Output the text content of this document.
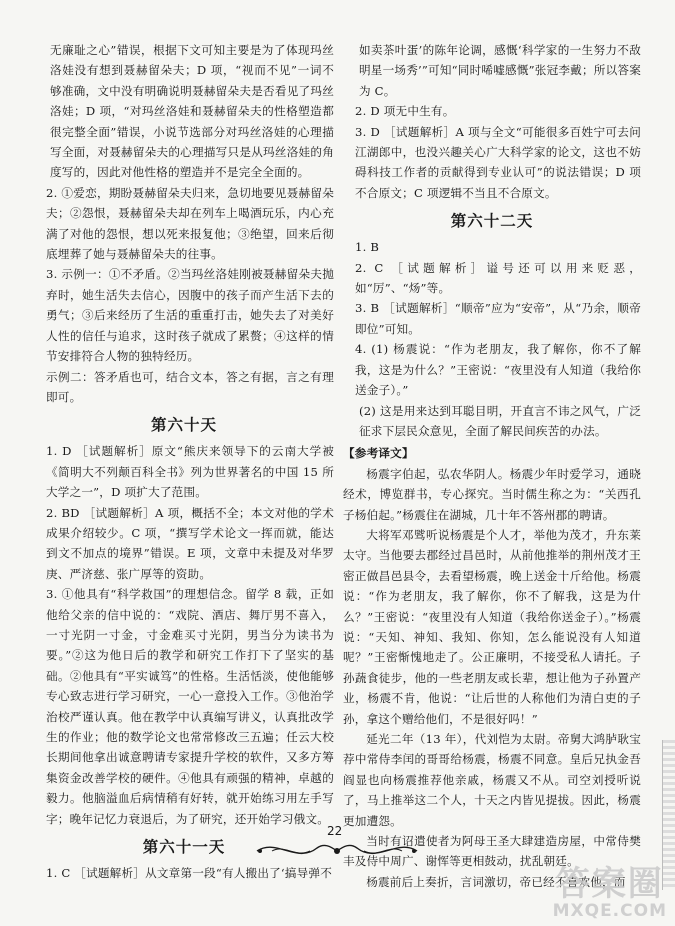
无廉耻之心”错误，根据下文可知主要是为了体现玛丝洛娃没有想到聂赫留朵夫；D 项，“视而不见”一词不够准确，文中没有明确说明聂赫留朵夫是否看见了玛丝洛娃；D 项，“对玛丝洛娃和聂赫留朵夫的性格塑造都很完整全面”错误，小说节选部分对玛丝洛娃的心理描写全面，对聂赫留朵夫的心理描写只是从玛丝洛娃的角度写的，因此对他性格的塑造并不是完全全面的。

2. ①爱恋，期盼聂赫留朵夫归来，急切地要见聂赫留朵夫；②怨恨，聂赫留朵夫却在列车上喝酒玩乐，内心充满了对他的怨恨，想以死来报复他；③绝望，回来后彻底埋葬了她与聂赫留朵夫的往事。

3. 示例一：①不矛盾。②当玛丝洛娃刚被聂赫留朵夫抛弃时，她生活失去信心，因腹中的孩子而产生活下去的勇气；③后来经历了生活的重重打击，她失去了对美好人性的信任与追求，这时孩子就成了累赘；④这样的情节安排符合人物的独特经历。

示例二：答矛盾也可，结合文本，答之有据，言之有理即可。

第六十天

1. D ［试题解析］原文“熊庆来领导下的云南大学被《简明大不列颠百科全书》列为世界著名的中国 15 所大学之一”，D 项扩大了范围。

2. BD ［试题解析］A 项，概括不全；本文对他的学术成果介绍较少。C 项，“撰写学术论文一挥而就，能达到文不加点的境界”错误。E 项，文章中未提及对华罗庚、严济慈、张广厚等的资助。

3. ①他具有“科学救国”的理想信念。留学 8 载，正如他给父亲的信中说的：“戏院、酒店、舞厅男不喜入，一寸光阴一寸金，寸金难买寸光阴，男当分为读书为要。”②这为他日后的教学和研究工作打下了坚实的基础。②他具有“平实诚笃”的性格。生活恬淡，使他能够专心致志进行学习研究，一心一意投入工作。③他治学治校严谨认真。他在教学中认真编写讲义，认真批改学生的作业；他的数学论文也常常修改三五遍；任云大校长期间他拿出诚意聘请专家提升学校的软件，又多方筹集资金改善学校的硬件。④他具有顽强的精神，卓越的毅力。他脑溢血后病情稍有好转，就开始练习用左手写字；晚年记忆力衰退后，为了研究，还开始学习俄文。

第六十一天

1. C ［试题解析］从文章第一段“有人搬出了‘搞导弹不

如卖茶叶蛋’的陈年论调，感慨‘科学家的一生努力不敌明星一场秀’”可知“同时唏嘘感慨”张冠李戴；所以答案为 C。

2. D 项无中生有。

3. D ［试题解析］A 项与全文“可能很多百姓宁可去问江湖郎中，也没兴趣关心广大科学家的论文，这也不妨碍科技工作者的贡献得到专业认可”的说法错误；D 项不合原文；C 项逻辑不当且不合原文。

第六十二天

1. B

2. C ［试题解析］谥号还可以用来贬恶，如“厉”、“炀”等。

3. B ［试题解析］“顺帝”应为“安帝”，从“乃余，顺帝即位”可知。

4. (1) 杨震说：“作为老朋友，我了解你，你不了解我，这是为什么？”王密说：“夜里没有人知道（我给你送金子）。”

(2) 这是用来达到耳聪目明，开直言不讳之风气，广泛征求下层民众意见，全面了解民间疾苦的办法。

【参考译文】

杨震字伯起，弘农华阴人。杨震少年时爱学习，通晓经术，博览群书，专心探究。当时儒生称之为：“关西孔子杨伯起。”杨震住在湖城，几十年不答州郡的聘请。

大将军邓骘听说杨震是个人才，举他为茂才，升东莱太守。当他要去郡经过昌邑时，从前他推举的荆州茂才王密正做昌邑县令，去看望杨震，晚上送金十斤给他。杨震说：“作为老朋友，我了解你，你不了解我，这是为什么？”王密说：“夜里没有人知道（我给你送金子）。”杨震说：“天知、神知、我知、你知，怎么能说没有人知道呢？”王密惭愧地走了。公正廉明，不接受私人请托。子孙蔬食徒步，他的一些老朋友或长辈，想让他为子孙置产业，杨震不肯，他说：“让后世的人称他们为清白吏的子孙，拿这个赠给他们，不是很好吗！”

延光二年（13 年），代刘恺为太尉。帝舅大鸿胪耿宝荐中常侍李闰的哥哥给杨震，杨震不同意。皇后兄执金吾阎显也向杨震推荐他亲戚，杨震又不从。司空刘授听说了，马上推举这二个人，十天之内皆见提拔。因此，杨震更加遭怨。

当时有诏遣使者为阿母王圣大肆建造房屋，中常侍樊丰及侍中周广、谢恽等更相鼓动，扰乱朝廷。

杨震前后上奏折，言词激切，帝已经不喜欢他，而

22
答案圈
MXQE.COM
